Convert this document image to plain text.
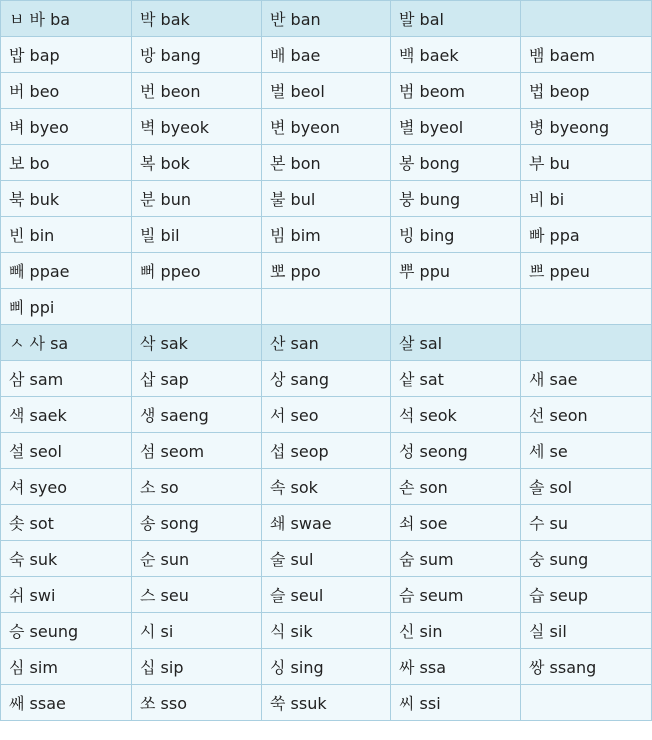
ㅂ 바 ba	박 bak	반 ban	발 bal	
밥 bap	방 bang	배 bae	백 baek	뱀 baem
버 beo	번 beon	벌 beol	범 beom	법 beop
벼 byeo	벽 byeok	변 byeon	별 byeol	병 byeong
보 bo	복 bok	본 bon	봉 bong	부 bu
북 buk	분 bun	불 bul	붕 bung	비 bi
빈 bin	빌 bil	빔 bim	빙 bing	빠 ppa
빼 ppae	뻐 ppeo	뽀 ppo	뿌 ppu	쁘 ppeu
삐 ppi				
ㅅ 사 sa	삭 sak	산 san	살 sal	
삼 sam	삽 sap	상 sang	샅 sat	새 sae
색 saek	생 saeng	서 seo	석 seok	선 seon
설 seol	섬 seom	섭 seop	성 seong	세 se
셔 syeo	소 so	속 sok	손 son	솔 sol
솟 sot	송 song	쇄 swae	쇠 soe	수 su
숙 suk	순 sun	술 sul	숨 sum	숭 sung
쉬 swi	스 seu	슬 seul	슴 seum	습 seup
승 seung	시 si	식 sik	신 sin	실 sil
심 sim	십 sip	싱 sing	싸 ssa	쌍 ssang
쌔 ssae	쏘 sso	쑥 ssuk	씨 ssi	
